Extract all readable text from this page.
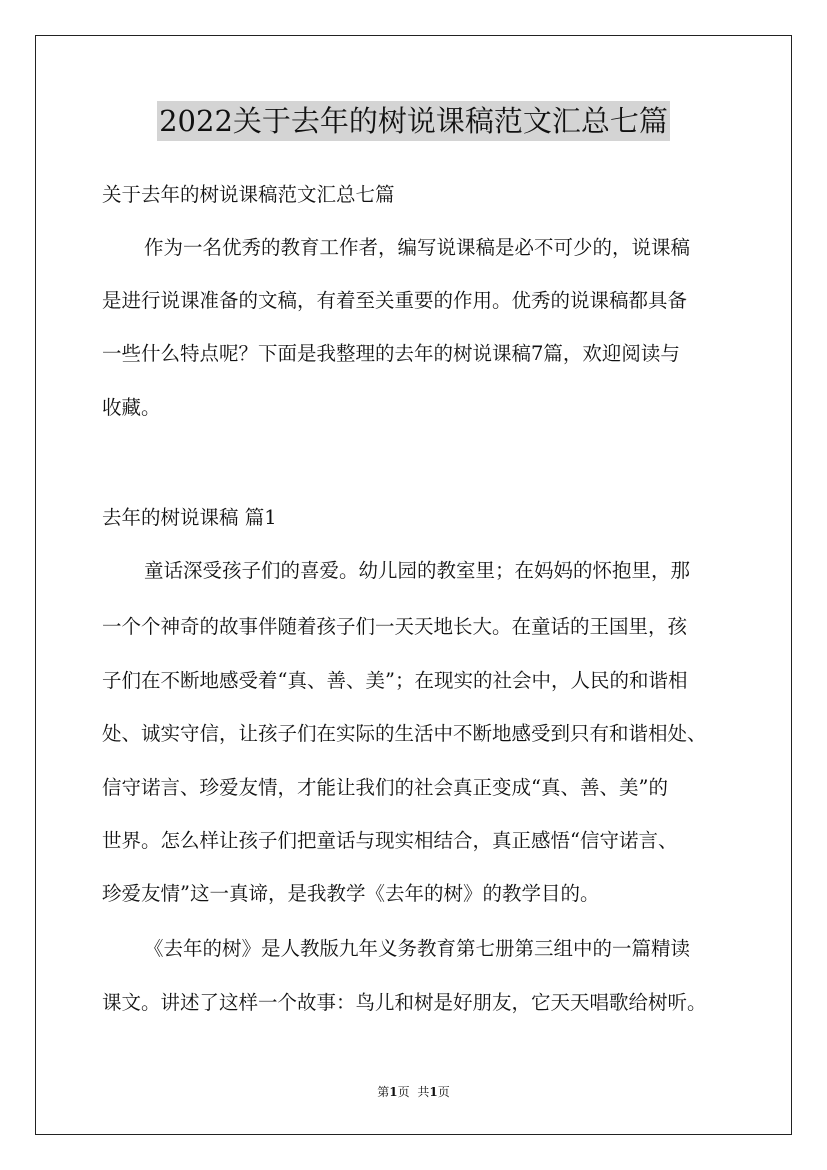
2022关于去年的树说课稿范文汇总七篇
关于去年的树说课稿范文汇总七篇
作为一名优秀的教育工作者，编写说课稿是必不可少的，说课稿
是进行说课准备的文稿，有着至关重要的作用。优秀的说课稿都具备
一些什么特点呢？下面是我整理的去年的树说课稿7篇，欢迎阅读与
收藏。
去年的树说课稿 篇1
童话深受孩子们的喜爱。幼儿园的教室里；在妈妈的怀抱里，那
一个个神奇的故事伴随着孩子们一天天地长大。在童话的王国里，孩
子们在不断地感受着“真、善、美”；在现实的社会中，人民的和谐相
处、诚实守信，让孩子们在实际的生活中不断地感受到只有和谐相处、
信守诺言、珍爱友情，才能让我们的社会真正变成“真、善、美”的
世界。怎么样让孩子们把童话与现实相结合，真正感悟“信守诺言、
珍爱友情”这一真谛，是我教学《去年的树》的教学目的。
《去年的树》是人教版九年义务教育第七册第三组中的一篇精读
课文。讲述了这样一个故事：鸟儿和树是好朋友，它天天唱歌给树听。
第1页 共1页
